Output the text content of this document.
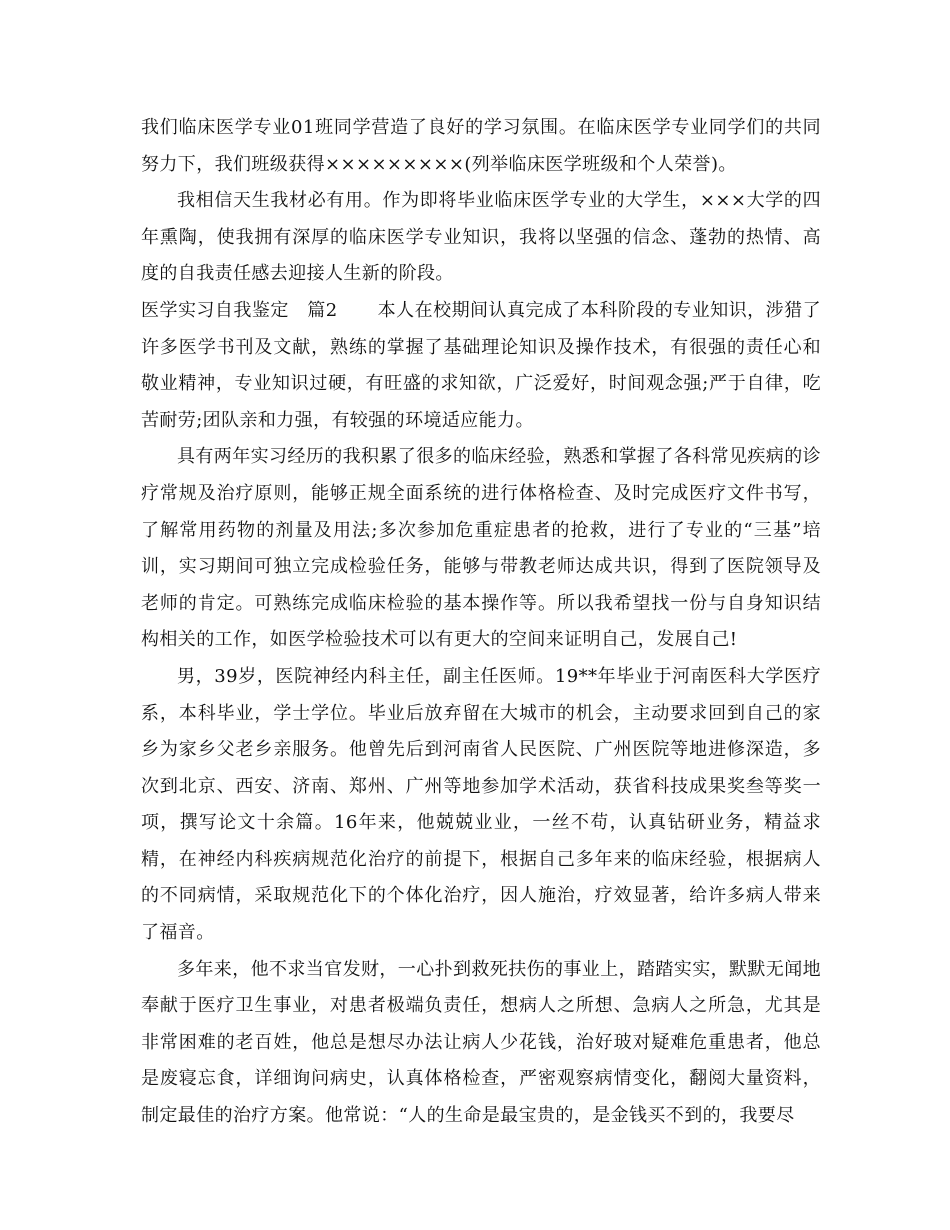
我们临床医学专业01班同学营造了良好的学习氛围。在临床医学专业同学们的共同努力下，我们班级获得×××××××××(列举临床医学班级和个人荣誉)。

我相信天生我材必有用。作为即将毕业临床医学专业的大学生，×××大学的四年熏陶，使我拥有深厚的临床医学专业知识，我将以坚强的信念、蓬勃的热情、高度的自我责任感去迎接人生新的阶段。

医学实习自我鉴定　篇2 本人在校期间认真完成了本科阶段的专业知识，涉猎了许多医学书刊及文献，熟练的掌握了基础理论知识及操作技术，有很强的责任心和敬业精神，专业知识过硬，有旺盛的求知欲，广泛爱好，时间观念强;严于自律，吃苦耐劳;团队亲和力强，有较强的环境适应能力。

具有两年实习经历的我积累了很多的临床经验，熟悉和掌握了各科常见疾病的诊疗常规及治疗原则，能够正规全面系统的进行体格检查、及时完成医疗文件书写，了解常用药物的剂量及用法;多次参加危重症患者的抢救，进行了专业的“三基”培训，实习期间可独立完成检验任务，能够与带教老师达成共识，得到了医院领导及老师的肯定。可熟练完成临床检验的基本操作等。所以我希望找一份与自身知识结构相关的工作，如医学检验技术可以有更大的空间来证明自己，发展自己!

男，39岁，医院神经内科主任，副主任医师。19**年毕业于河南医科大学医疗系，本科毕业，学士学位。毕业后放弃留在大城市的机会，主动要求回到自己的家乡为家乡父老乡亲服务。他曾先后到河南省人民医院、广州医院等地进修深造，多次到北京、西安、济南、郑州、广州等地参加学术活动，获省科技成果奖叁等奖一项，撰写论文十余篇。16年来，他兢兢业业，一丝不苟，认真钻研业务，精益求精，在神经内科疾病规范化治疗的前提下，根据自己多年来的临床经验，根据病人的不同病情，采取规范化下的个体化治疗，因人施治，疗效显著，给许多病人带来了福音。

多年来，他不求当官发财，一心扑到救死扶伤的事业上，踏踏实实，默默无闻地奉献于医疗卫生事业，对患者极端负责任，想病人之所想、急病人之所急，尤其是非常困难的老百姓，他总是想尽办法让病人少花钱，治好玻对疑难危重患者，他总是废寝忘食，详细询问病史，认真体格检查，严密观察病情变化，翻阅大量资料，制定最佳的治疗方案。他常说：“人的生命是最宝贵的，是金钱买不到的，我要尽
